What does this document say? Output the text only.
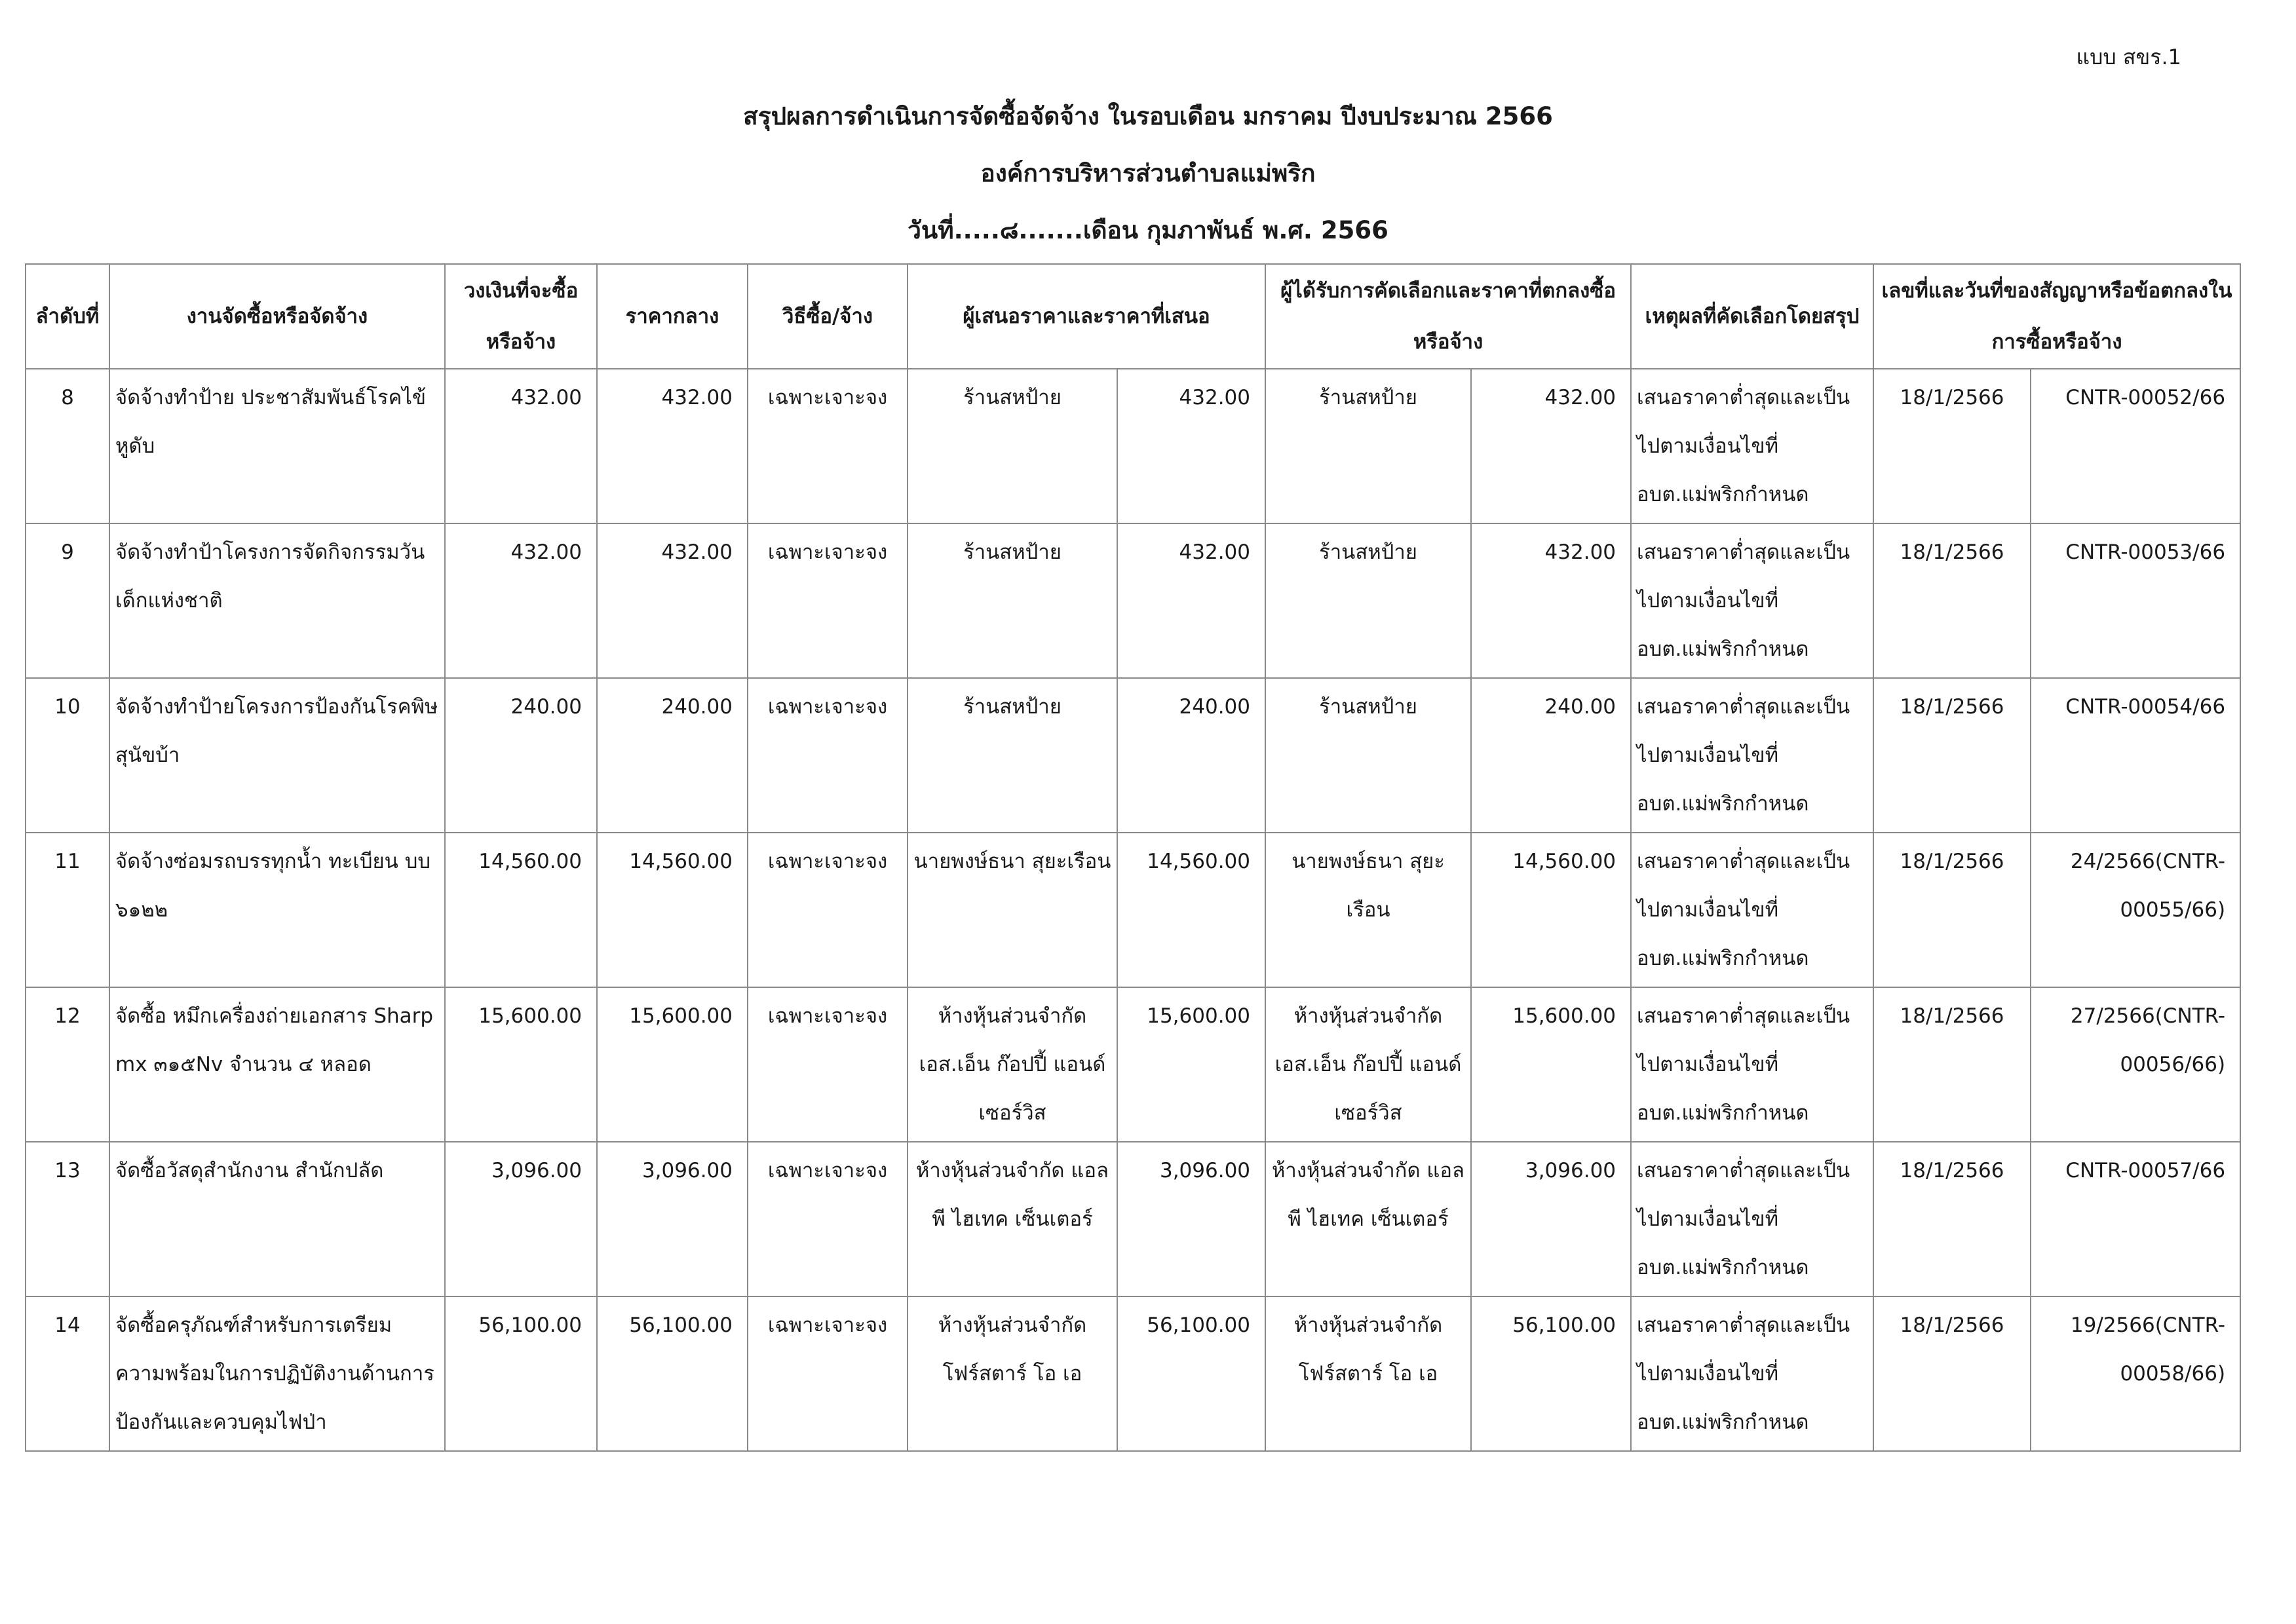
แบบ สขร.1
สรุปผลการดำเนินการจัดซื้อจัดจ้าง ในรอบเดือน มกราคม ปีงบประมาณ 2566
องค์การบริหารส่วนตำบลแม่พริก
วันที่.....๘.......เดือน กุมภาพันธ์ พ.ศ. 2566
ลำดับที่	งานจัดซื้อหรือจัดจ้าง	วงเงินที่จะซื้อหรือจ้าง	ราคากลาง	วิธีซื้อ/จ้าง	ผู้เสนอราคาและราคาที่เสนอ		ผู้ได้รับการคัดเลือกและราคาที่ตกลงซื้อหรือจ้าง		เหตุผลที่คัดเลือกโดยสรุป	เลขที่และวันที่ของสัญญาหรือข้อตกลงในการซื้อหรือจ้าง	
8	จัดจ้างทำป้าย ประชาสัมพันธ์โรคไข้หูดับ	432.00	432.00	เฉพาะเจาะจง	ร้านสหป้าย	432.00	ร้านสหป้าย	432.00	เสนอราคาต่ำสุดและเป็นไปตามเงื่อนไขที่ อบต.แม่พริกกำหนด	18/1/2566	CNTR-00052/66
9	จัดจ้างทำป้าโครงการจัดกิจกรรมวันเด็กแห่งชาติ	432.00	432.00	เฉพาะเจาะจง	ร้านสหป้าย	432.00	ร้านสหป้าย	432.00	เสนอราคาต่ำสุดและเป็นไปตามเงื่อนไขที่ อบต.แม่พริกกำหนด	18/1/2566	CNTR-00053/66
10	จัดจ้างทำป้ายโครงการป้องกันโรคพิษสุนัขบ้า	240.00	240.00	เฉพาะเจาะจง	ร้านสหป้าย	240.00	ร้านสหป้าย	240.00	เสนอราคาต่ำสุดและเป็นไปตามเงื่อนไขที่ อบต.แม่พริกกำหนด	18/1/2566	CNTR-00054/66
11	จัดจ้างซ่อมรถบรรทุกน้ำ ทะเบียน บบ ๖๑๒๒	14,560.00	14,560.00	เฉพาะเจาะจง	นายพงษ์ธนา สุยะเรือน	14,560.00	นายพงษ์ธนา สุยะเรือน	14,560.00	เสนอราคาต่ำสุดและเป็นไปตามเงื่อนไขที่ อบต.แม่พริกกำหนด	18/1/2566	24/2566(CNTR-00055/66)
12	จัดซื้อ หมึกเครื่องถ่ายเอกสาร Sharp mx ๓๑๕Nv จำนวน ๔ หลอด	15,600.00	15,600.00	เฉพาะเจาะจง	ห้างหุ้นส่วนจำกัด เอส.เอ็น ก๊อปปี้ แอนด์ เซอร์วิส	15,600.00	ห้างหุ้นส่วนจำกัด เอส.เอ็น ก๊อปปี้ แอนด์ เซอร์วิส	15,600.00	เสนอราคาต่ำสุดและเป็นไปตามเงื่อนไขที่ อบต.แม่พริกกำหนด	18/1/2566	27/2566(CNTR-00056/66)
13	จัดซื้อวัสดุสำนักงาน สำนักปลัด	3,096.00	3,096.00	เฉพาะเจาะจง	ห้างหุ้นส่วนจำกัด แอล พี ไฮเทค เซ็นเตอร์	3,096.00	ห้างหุ้นส่วนจำกัด แอล พี ไฮเทค เซ็นเตอร์	3,096.00	เสนอราคาต่ำสุดและเป็นไปตามเงื่อนไขที่ อบต.แม่พริกกำหนด	18/1/2566	CNTR-00057/66
14	จัดซื้อครุภัณฑ์สำหรับการเตรียมความพร้อมในการปฏิบัติงานด้านการป้องกันและควบคุมไฟป่า	56,100.00	56,100.00	เฉพาะเจาะจง	ห้างหุ้นส่วนจำกัด โฟร์สตาร์ โอ เอ	56,100.00	ห้างหุ้นส่วนจำกัด โฟร์สตาร์ โอ เอ	56,100.00	เสนอราคาต่ำสุดและเป็นไปตามเงื่อนไขที่ อบต.แม่พริกกำหนด	18/1/2566	19/2566(CNTR-00058/66)
